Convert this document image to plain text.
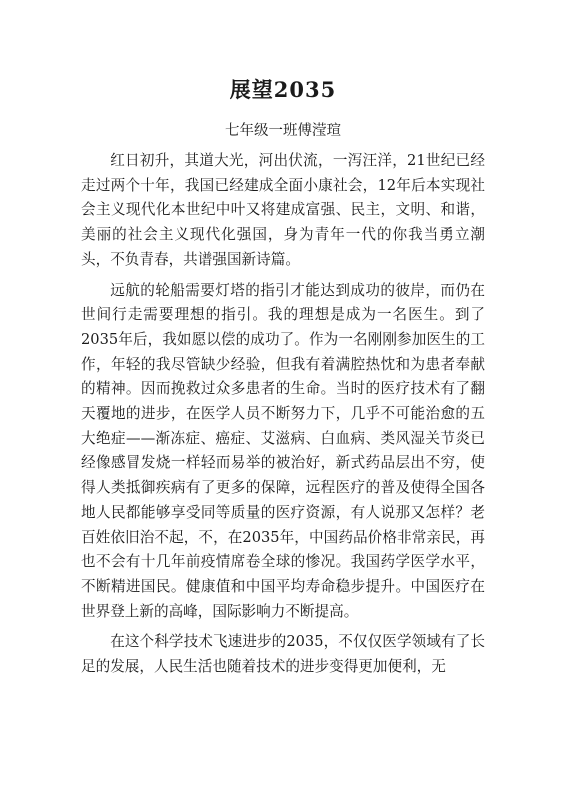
展望2035

七年级一班傅滢瑄

红日初升，其道大光，河出伏流，一泻汪洋，21世纪已经走过两个十年，我国已经建成全面小康社会，12年后本实现社会主义现代化本世纪中叶又将建成富强、民主，文明、和谐，美丽的社会主义现代化强国，身为青年一代的你我当勇立潮头，不负青春，共谱强国新诗篇。

远航的轮船需要灯塔的指引才能达到成功的彼岸，而仍在世间行走需要理想的指引。我的理想是成为一名医生。到了2035年后，我如愿以偿的成功了。作为一名刚刚参加医生的工作，年轻的我尽管缺少经验，但我有着满腔热忱和为患者奉献的精神。因而挽救过众多患者的生命。当时的医疗技术有了翻天覆地的进步，在医学人员不断努力下，几乎不可能治愈的五大绝症——渐冻症、癌症、艾滋病、白血病、类风湿关节炎已经像感冒发烧一样轻而易举的被治好，新式药品层出不穷，使得人类抵御疾病有了更多的保障，远程医疗的普及使得全国各地人民都能够享受同等质量的医疗资源，有人说那又怎样？老百姓依旧治不起，不，在2035年，中国药品价格非常亲民，再也不会有十几年前疫情席卷全球的惨况。我国药学医学水平，不断精进国民。健康值和中国平均寿命稳步提升。中国医疗在世界登上新的高峰，国际影响力不断提高。

在这个科学技术飞速进步的2035，不仅仅医学领域有了长足的发展，人民生活也随着技术的进步变得更加便利，无
